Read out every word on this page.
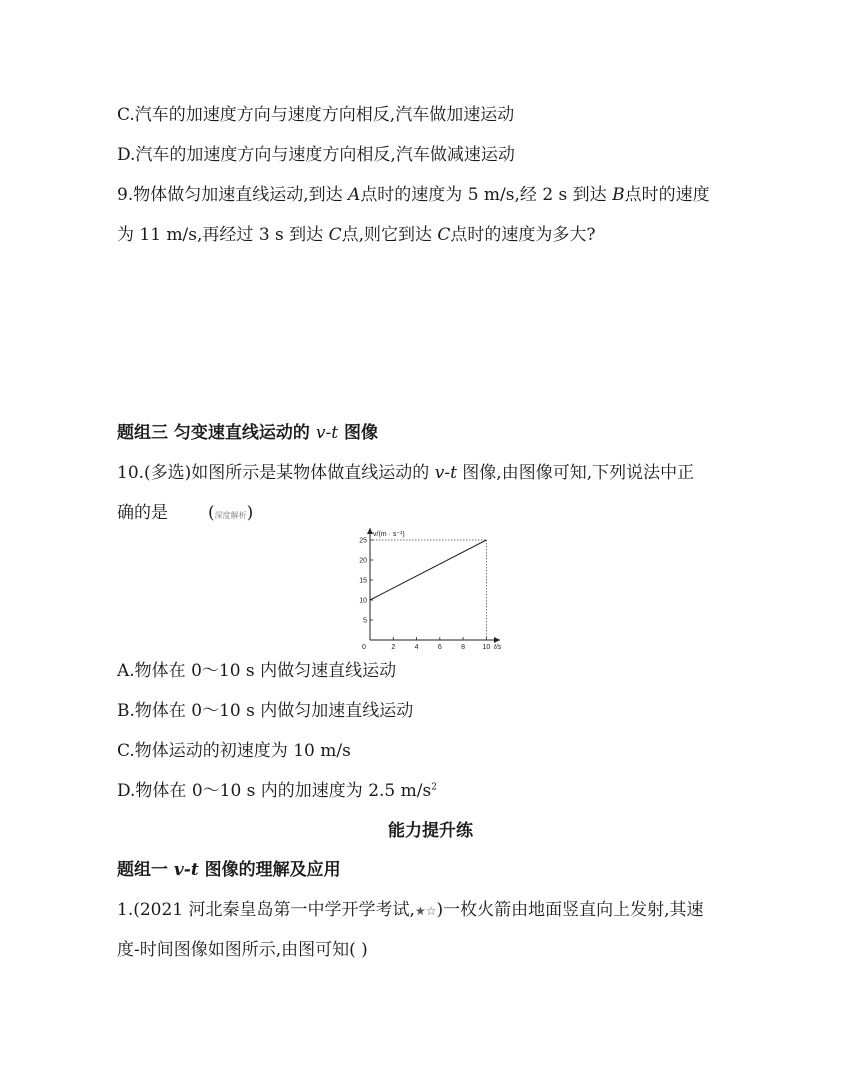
C.汽车的加速度方向与速度方向相反,汽车做加速运动
D.汽车的加速度方向与速度方向相反,汽车做减速运动
9.物体做匀加速直线运动,到达 A点时的速度为 5 m/s,经 2 s 到达 B点时的速度
为 11 m/s,再经过 3 s 到达 C点,则它到达 C点时的速度为多大?
题组三 匀变速直线运动的 v-t 图像
10.(多选)如图所示是某物体做直线运动的 v-t 图像,由图像可知,下列说法中正
确的是 (深度解析)
v/(m · s⁻¹)
t/s
0	2	4	6	8 10
5
10
15
20
25
A.物体在 0～10 s 内做匀速直线运动
B.物体在 0～10 s 内做匀加速直线运动
C.物体运动的初速度为 10 m/s
D.物体在 0～10 s 内的加速度为 2.5 $m/s^2$
能力提升练
题组一 v-t 图像的理解及应用
1.(2021 河北秦皇岛第一中学开学考试,★☆)一枚火箭由地面竖直向上发射,其速
度-时间图像如图所示,由图可知( )
